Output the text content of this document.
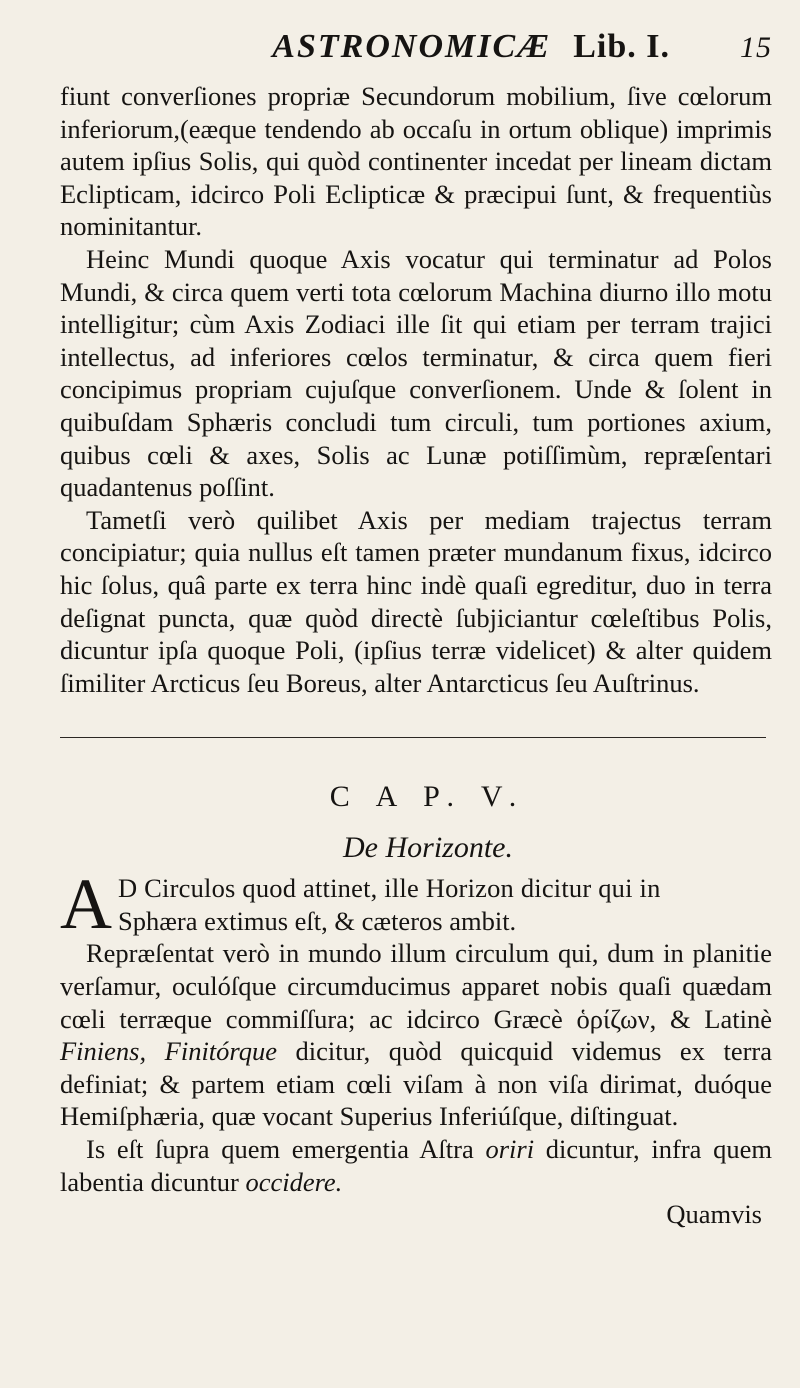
ASTRONOMICÆ Lib. I. 15

fiunt converſiones propriæ Secundorum mobilium, ſive cœlorum inferiorum,(eæque tendendo ab occaſu in ortum oblique) imprimis autem ipſius Solis, qui quòd continenter incedat per lineam dictam Eclipticam, idcirco Poli Eclipticæ & præcipui ſunt, & frequentiùs nominitantur.

Heinc Mundi quoque Axis vocatur qui terminatur ad Polos Mundi, & circa quem verti tota cœlorum Machina diurno illo motu intelligitur; cùm Axis Zodiaci ille ſit qui etiam per terram trajici intellectus, ad inferiores cœlos terminatur, & circa quem fieri concipimus propriam cujuſque converſionem. Unde & ſolent in quibuſdam Sphæris concludi tum circuli, tum portiones axium, quibus cœli & axes, Solis ac Lunæ potiſſimùm, repræſentari quadantenus poſſint.

Tametſi verò quilibet Axis per mediam trajectus terram concipiatur; quia nullus eſt tamen præter mundanum fixus, idcirco hic ſolus, quâ parte ex terra hinc indè quaſi egreditur, duo in terra deſignat puncta, quæ quòd directè ſubjiciantur cœleſtibus Polis, dicuntur ipſa quoque Poli, (ipſius terræ videlicet) & alter quidem ſimiliter Arcticus ſeu Boreus, alter Antarcticus ſeu Auſtrinus.

C A P. V.
De Horizonte.

A D Circulos quod attinet, ille Horizon dicitur qui in
Sphæra extimus eſt, & cæteros ambit.

Repræſentat verò in mundo illum circulum qui, dum in planitie verſamur, oculóſque circumducimus apparet nobis quaſi quædam cœli terræque commiſſura; ac idcirco Græcè ὁρίζων, & Latinè Finiens, Finitórque dicitur, quòd quicquid videmus ex terra definiat; & partem etiam cœli viſam à non viſa dirimat, duóque Hemiſphæria, quæ vocant Superius Inferiúſque, diſtinguat.

Is eſt ſupra quem emergentia Aſtra oriri dicuntur, infra quem labentia dicuntur occidere.

Quamvis
